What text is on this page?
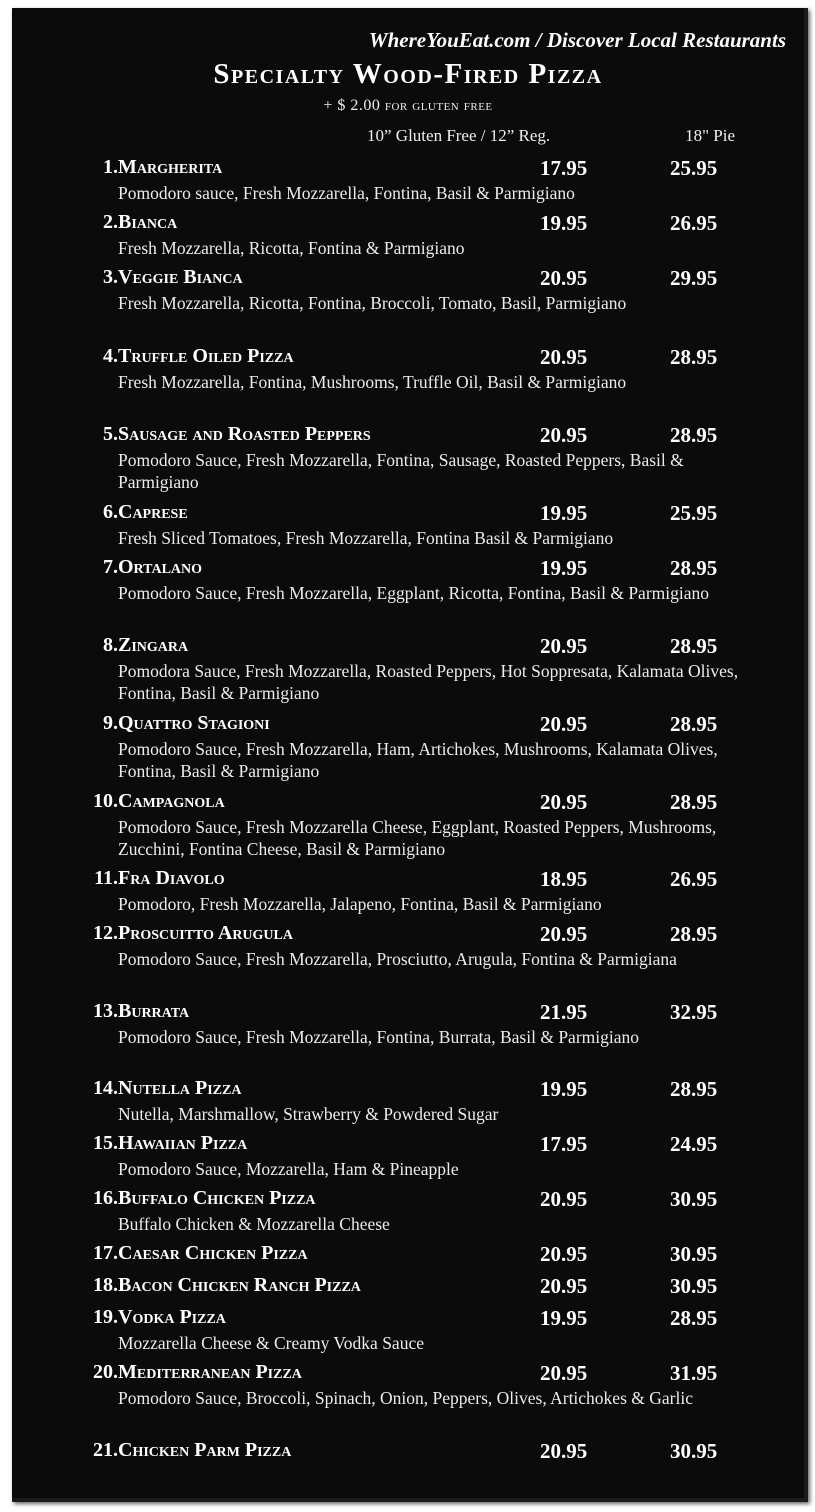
WhereYouEat.com / Discover Local Restaurants
Specialty Wood-Fired Pizza
+ $ 2.00 for gluten free
10” Gluten Free / 12” Reg.	18" Pie
1. Margherita	17.95	25.95
Pomodoro sauce, Fresh Mozzarella, Fontina, Basil & Parmigiano
2. Bianca	19.95	26.95
Fresh Mozzarella, Ricotta, Fontina & Parmigiano
3. Veggie Bianca	20.95	29.95
Fresh Mozzarella, Ricotta, Fontina, Broccoli, Tomato, Basil, Parmigiano
4. Truffle Oiled Pizza	20.95	28.95
Fresh Mozzarella, Fontina, Mushrooms, Truffle Oil, Basil & Parmigiano
5. Sausage and Roasted Peppers	20.95	28.95
Pomodoro Sauce, Fresh Mozzarella, Fontina, Sausage, Roasted Peppers, Basil & Parmigiano
6. Caprese	19.95	25.95
Fresh Sliced Tomatoes, Fresh Mozzarella, Fontina Basil & Parmigiano
7. Ortalano	19.95	28.95
Pomodoro Sauce, Fresh Mozzarella, Eggplant, Ricotta, Fontina, Basil & Parmigiano
8. Zingara	20.95	28.95
Pomodora Sauce, Fresh Mozzarella, Roasted Peppers, Hot Soppresata, Kalamata Olives, Fontina, Basil & Parmigiano
9. Quattro Stagioni	20.95	28.95
Pomodoro Sauce, Fresh Mozzarella, Ham, Artichokes, Mushrooms, Kalamata Olives, Fontina, Basil & Parmigiano
10. Campagnola	20.95	28.95
Pomodoro Sauce, Fresh Mozzarella Cheese, Eggplant, Roasted Peppers, Mushrooms, Zucchini, Fontina Cheese, Basil & Parmigiano
11. Fra Diavolo	18.95	26.95
Pomodoro, Fresh Mozzarella, Jalapeno, Fontina, Basil & Parmigiano
12. Proscuitto Arugula	20.95	28.95
Pomodoro Sauce, Fresh Mozzarella, Prosciutto, Arugula, Fontina & Parmigiana
13. Burrata	21.95	32.95
Pomodoro Sauce, Fresh Mozzarella, Fontina, Burrata, Basil & Parmigiano
14. Nutella Pizza	19.95	28.95
Nutella, Marshmallow, Strawberry & Powdered Sugar
15. Hawaiian Pizza	17.95	24.95
Pomodoro Sauce, Mozzarella, Ham & Pineapple
16. Buffalo Chicken Pizza	20.95	30.95
Buffalo Chicken & Mozzarella Cheese
17. Caesar Chicken Pizza	20.95	30.95
18. Bacon Chicken Ranch Pizza	20.95	30.95
19. Vodka Pizza	19.95	28.95
Mozzarella Cheese & Creamy Vodka Sauce
20. Mediterranean Pizza	20.95	31.95
Pomodoro Sauce, Broccoli, Spinach, Onion, Peppers, Olives, Artichokes & Garlic
21. Chicken Parm Pizza	20.95	30.95
